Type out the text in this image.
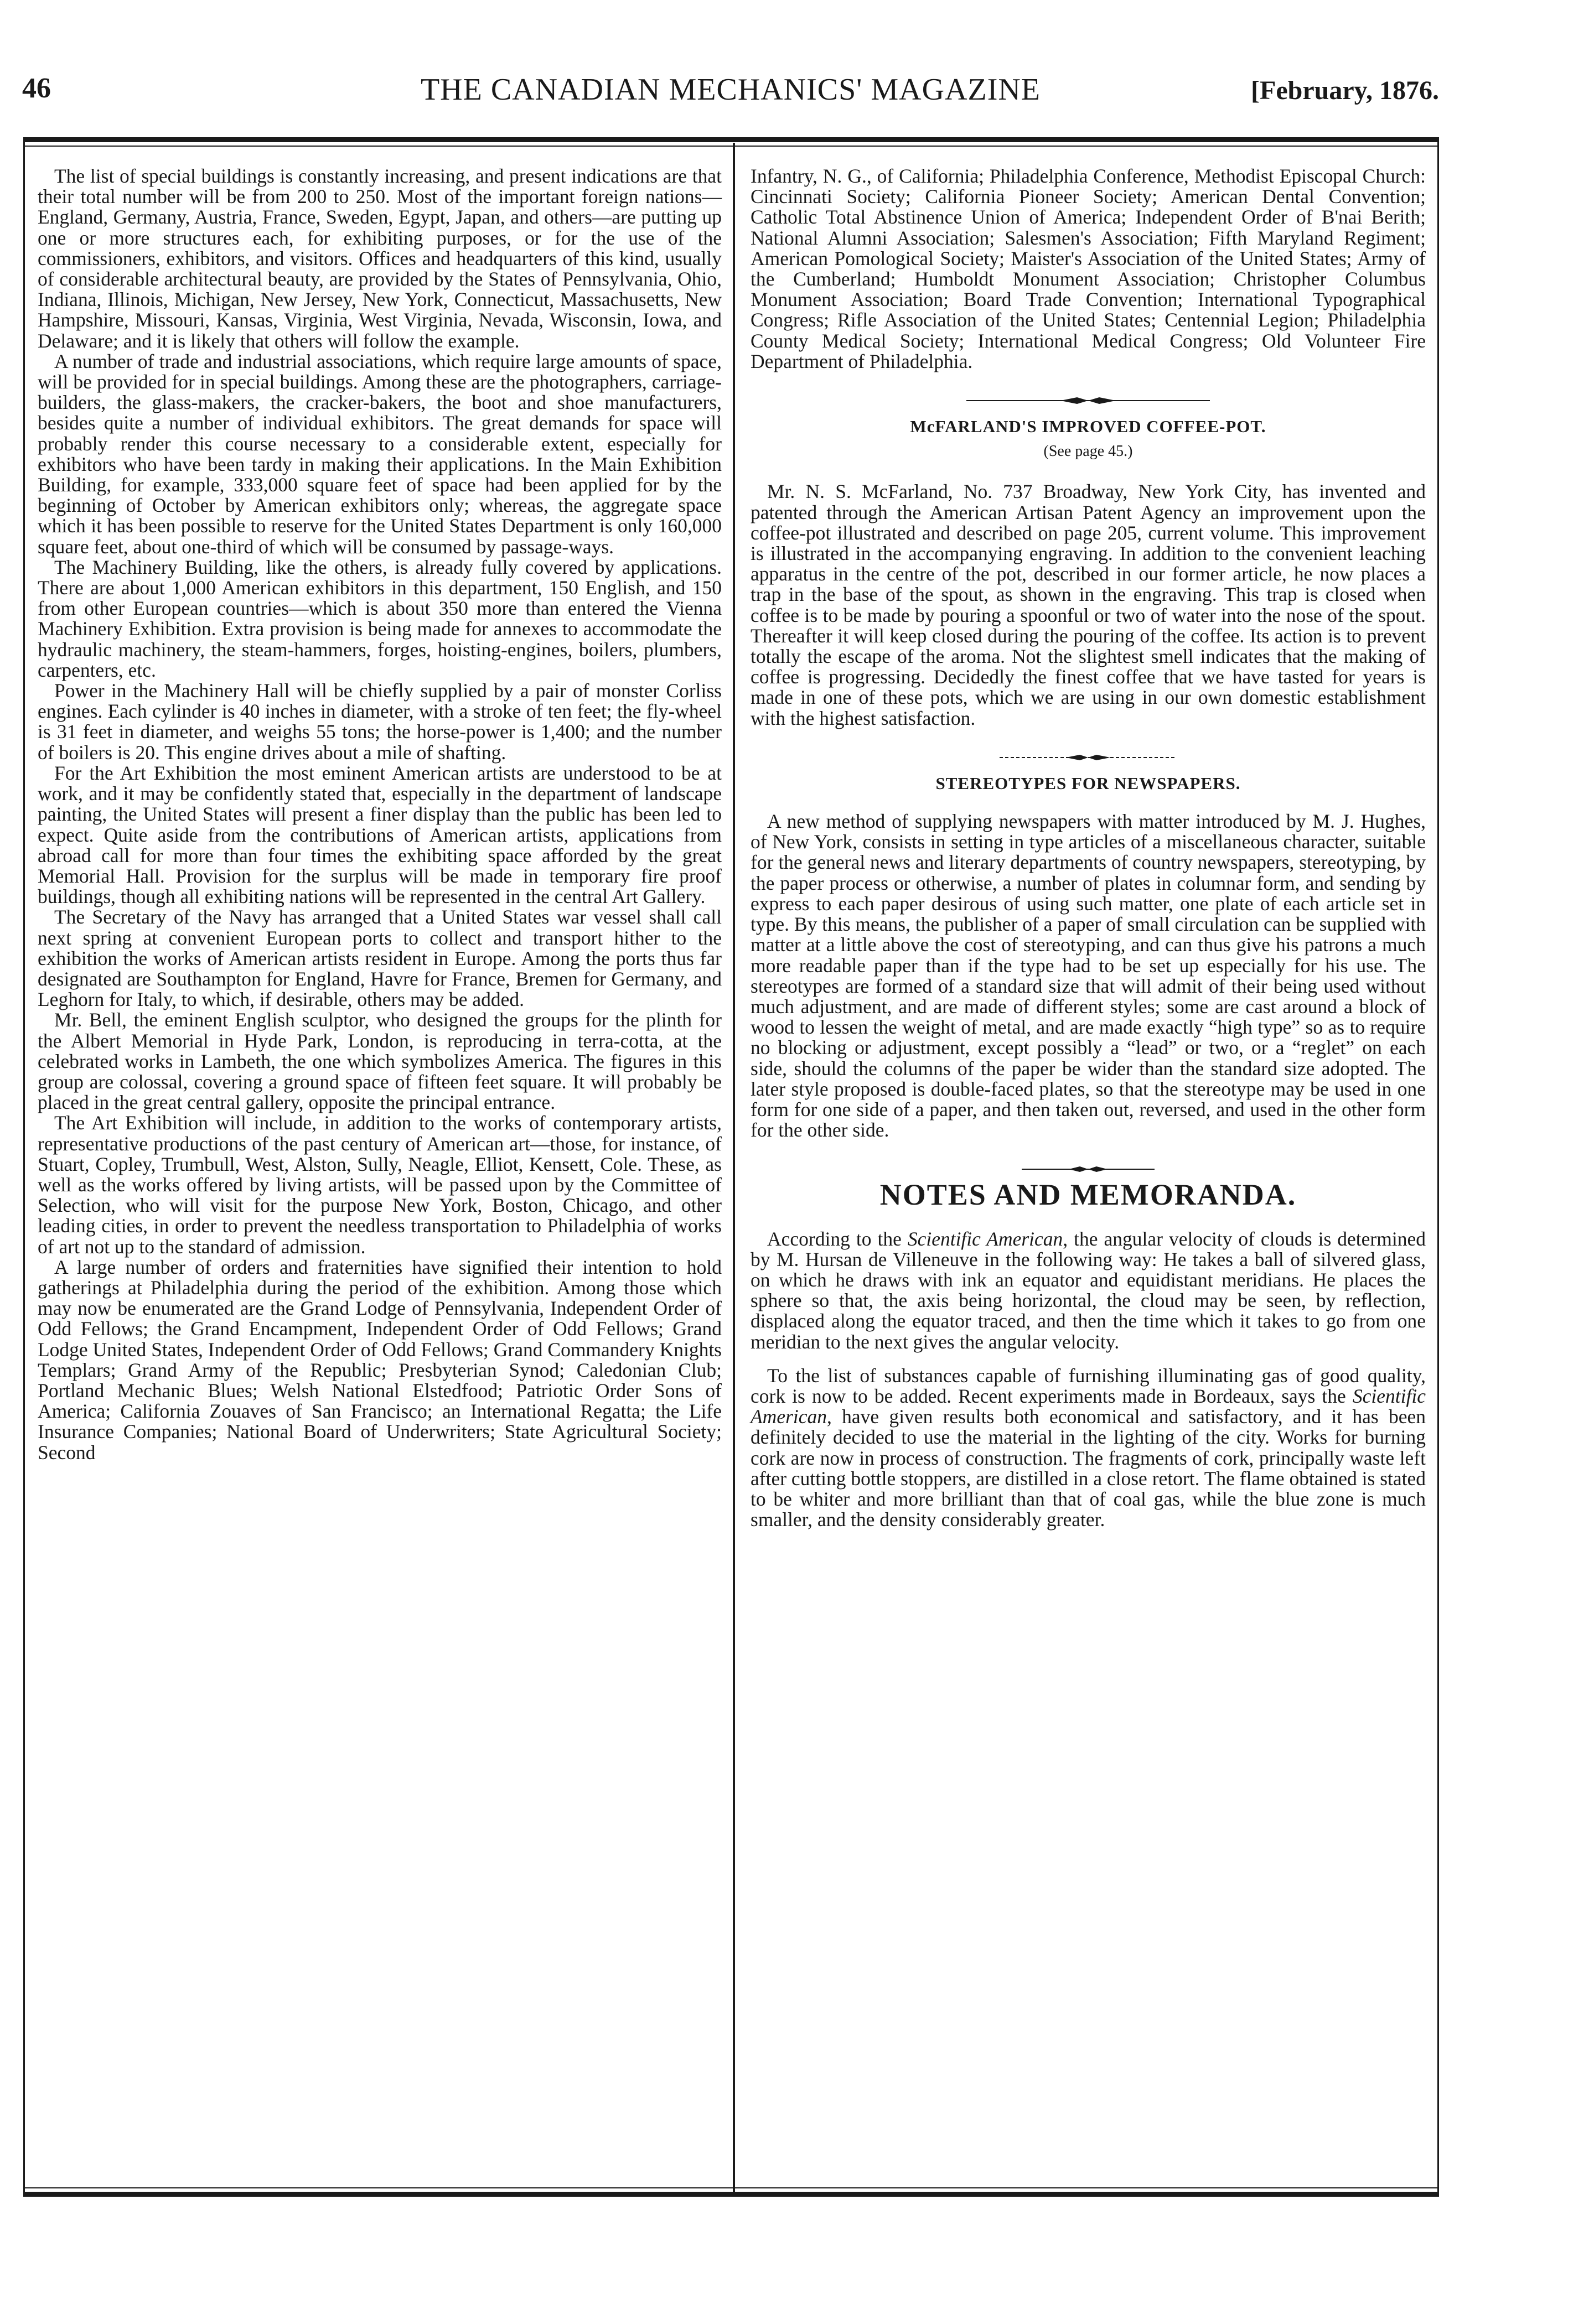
46	THE CANADIAN MECHANICS' MAGAZINE	[February, 1876.

The list of special buildings is constantly increasing, and present indications are that their total number will be from 200 to 250. Most of the important foreign nations—England, Germany, Austria, France, Sweden, Egypt, Japan, and others—are putting up one or more structures each, for exhibiting purposes, or for the use of the commissioners, exhibitors, and visitors. Offices and headquarters of this kind, usually of considerable architectural beauty, are provided by the States of Pennsylvania, Ohio, Indiana, Illinois, Michigan, New Jersey, New York, Connecticut, Massachusetts, New Hampshire, Missouri, Kansas, Virginia, West Virginia, Nevada, Wisconsin, Iowa, and Delaware; and it is likely that others will follow the example.

A number of trade and industrial associations, which require large amounts of space, will be provided for in special buildings. Among these are the photographers, carriage-builders, the glass-makers, the cracker-bakers, the boot and shoe manufacturers, besides quite a number of individual exhibitors. The great demands for space will probably render this course necessary to a considerable extent, especially for exhibitors who have been tardy in making their applications. In the Main Exhibition Building, for example, 333,000 square feet of space had been applied for by the beginning of October by American exhibitors only; whereas, the aggregate space which it has been possible to reserve for the United States Department is only 160,000 square feet, about one-third of which will be consumed by passage-ways.

The Machinery Building, like the others, is already fully covered by applications. There are about 1,000 American exhibitors in this department, 150 English, and 150 from other European countries—which is about 350 more than entered the Vienna Machinery Exhibition. Extra provision is being made for annexes to accommodate the hydraulic machinery, the steam-hammers, forges, hoisting-engines, boilers, plumbers, carpenters, etc.

Power in the Machinery Hall will be chiefly supplied by a pair of monster Corliss engines. Each cylinder is 40 inches in diameter, with a stroke of ten feet; the fly-wheel is 31 feet in diameter, and weighs 55 tons; the horse-power is 1,400; and the number of boilers is 20. This engine drives about a mile of shafting.

For the Art Exhibition the most eminent American artists are understood to be at work, and it may be confidently stated that, especially in the department of landscape painting, the United States will present a finer display than the public has been led to expect. Quite aside from the contributions of American artists, applications from abroad call for more than four times the exhibiting space afforded by the great Memorial Hall. Provision for the surplus will be made in temporary fire proof buildings, though all exhibiting nations will be represented in the central Art Gallery.

The Secretary of the Navy has arranged that a United States war vessel shall call next spring at convenient European ports to collect and transport hither to the exhibition the works of American artists resident in Europe. Among the ports thus far designated are Southampton for England, Havre for France, Bremen for Germany, and Leghorn for Italy, to which, if desirable, others may be added.

Mr. Bell, the eminent English sculptor, who designed the groups for the plinth for the Albert Memorial in Hyde Park, London, is reproducing in terra-cotta, at the celebrated works in Lambeth, the one which symbolizes America. The figures in this group are colossal, covering a ground space of fifteen feet square. It will probably be placed in the great central gallery, opposite the principal entrance.

The Art Exhibition will include, in addition to the works of contemporary artists, representative productions of the past century of American art—those, for instance, of Stuart, Copley, Trumbull, West, Alston, Sully, Neagle, Elliot, Kensett, Cole. These, as well as the works offered by living artists, will be passed upon by the Committee of Selection, who will visit for the purpose New York, Boston, Chicago, and other leading cities, in order to prevent the needless transportation to Philadelphia of works of art not up to the standard of admission.

A large number of orders and fraternities have signified their intention to hold gatherings at Philadelphia during the period of the exhibition. Among those which may now be enumerated are the Grand Lodge of Pennsylvania, Independent Order of Odd Fellows; the Grand Encampment, Independent Order of Odd Fellows; Grand Lodge United States, Independent Order of Odd Fellows; Grand Commandery Knights Templars; Grand Army of the Republic; Presbyterian Synod; Caledonian Club; Portland Mechanic Blues; Welsh National Elstedfood; Patriotic Order Sons of America; California Zouaves of San Francisco; an International Regatta; the Life Insurance Companies; National Board of Underwriters; State Agricultural Society; Second

Infantry, N. G., of California; Philadelphia Conference, Methodist Episcopal Church: Cincinnati Society; California Pioneer Society; American Dental Convention; Catholic Total Abstinence Union of America; Independent Order of B'nai Berith; National Alumni Association; Salesmen's Association; Fifth Maryland Regiment; American Pomological Society; Maister's Association of the United States; Army of the Cumberland; Humboldt Monument Association; Christopher Columbus Monument Association; Board Trade Convention; International Typographical Congress; Rifle Association of the United States; Centennial Legion; Philadelphia County Medical Society; International Medical Congress; Old Volunteer Fire Department of Philadelphia.

McFARLAND'S IMPROVED COFFEE-POT.
(See page 45.)

Mr. N. S. McFarland, No. 737 Broadway, New York City, has invented and patented through the American Artisan Patent Agency an improvement upon the coffee-pot illustrated and described on page 205, current volume. This improvement is illustrated in the accompanying engraving. In addition to the convenient leaching apparatus in the centre of the pot, described in our former article, he now places a trap in the base of the spout, as shown in the engraving. This trap is closed when coffee is to be made by pouring a spoonful or two of water into the nose of the spout. Thereafter it will keep closed during the pouring of the coffee. Its action is to prevent totally the escape of the aroma. Not the slightest smell indicates that the making of coffee is progressing. Decidedly the finest coffee that we have tasted for years is made in one of these pots, which we are using in our own domestic establishment with the highest satisfaction.

STEREOTYPES FOR NEWSPAPERS.

A new method of supplying newspapers with matter introduced by M. J. Hughes, of New York, consists in setting in type articles of a miscellaneous character, suitable for the general news and literary departments of country newspapers, stereotyping, by the paper process or otherwise, a number of plates in columnar form, and sending by express to each paper desirous of using such matter, one plate of each article set in type. By this means, the publisher of a paper of small circulation can be supplied with matter at a little above the cost of stereotyping, and can thus give his patrons a much more readable paper than if the type had to be set up especially for his use. The stereotypes are formed of a standard size that will admit of their being used without much adjustment, and are made of different styles; some are cast around a block of wood to lessen the weight of metal, and are made exactly “high type” so as to require no blocking or adjustment, except possibly a “lead” or two, or a “reglet” on each side, should the columns of the paper be wider than the standard size adopted. The later style proposed is double-faced plates, so that the stereotype may be used in one form for one side of a paper, and then taken out, reversed, and used in the other form for the other side.

NOTES AND MEMORANDA.

According to the Scientific American, the angular velocity of clouds is determined by M. Hursan de Villeneuve in the following way: He takes a ball of silvered glass, on which he draws with ink an equator and equidistant meridians. He places the sphere so that, the axis being horizontal, the cloud may be seen, by reflection, displaced along the equator traced, and then the time which it takes to go from one meridian to the next gives the angular velocity.

To the list of substances capable of furnishing illuminating gas of good quality, cork is now to be added. Recent experiments made in Bordeaux, says the Scientific American, have given results both economical and satisfactory, and it has been definitely decided to use the material in the lighting of the city. Works for burning cork are now in process of construction. The fragments of cork, principally waste left after cutting bottle stoppers, are distilled in a close retort. The flame obtained is stated to be whiter and more brilliant than that of coal gas, while the blue zone is much smaller, and the density considerably greater.
